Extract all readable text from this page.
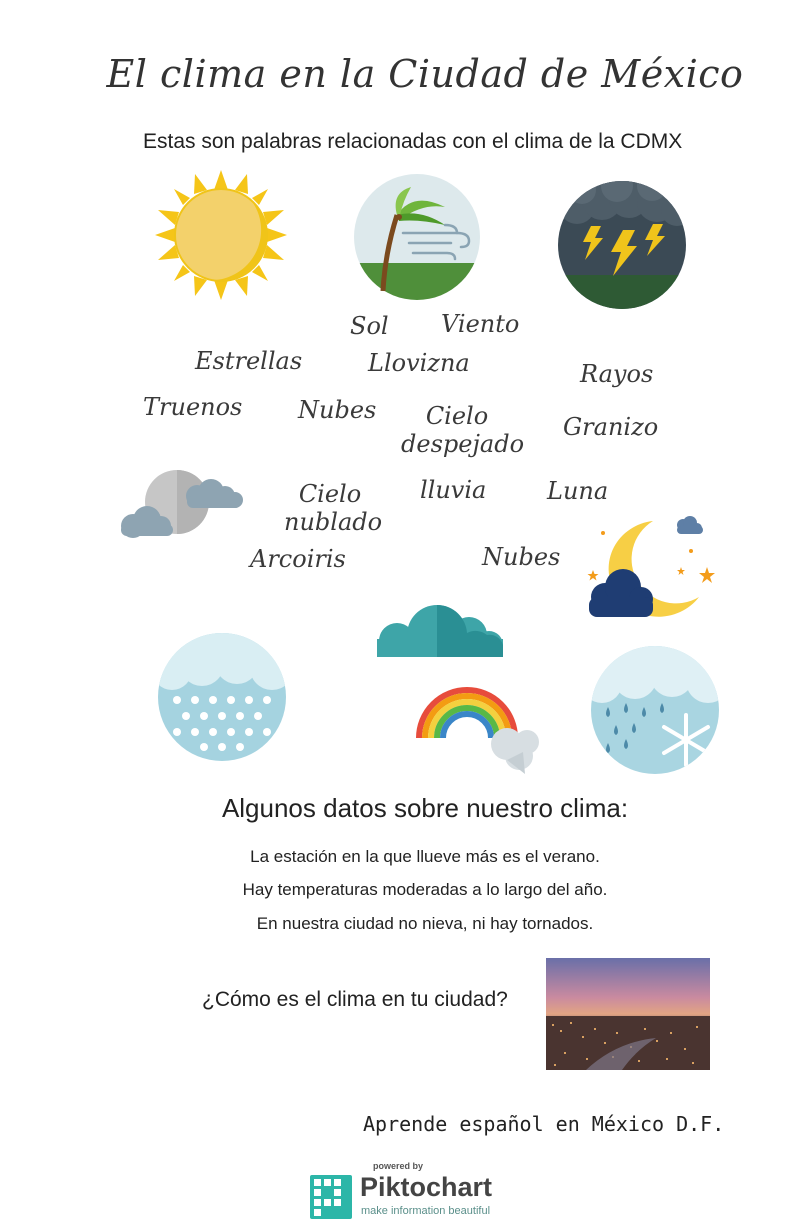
El clima en la Ciudad de México
Estas son palabras relacionadas con el clima de la CDMX
Sol Viento
Estrellas	Llovizna	Rayos
Truenos Nubes	Cielo
despejado
Granizo
Cielo
nublado
lluvia	Luna
Arcoiris	Nubes
Algunos datos sobre nuestro clima:
La estación en la que llueve más es el verano.
Hay temperaturas moderadas a lo largo del año.
En nuestra ciudad no nieva, ni hay tornados.
¿Cómo es el clima en tu ciudad?
Aprende español en México D.F.
powered by
Piktochart
make information beautiful
